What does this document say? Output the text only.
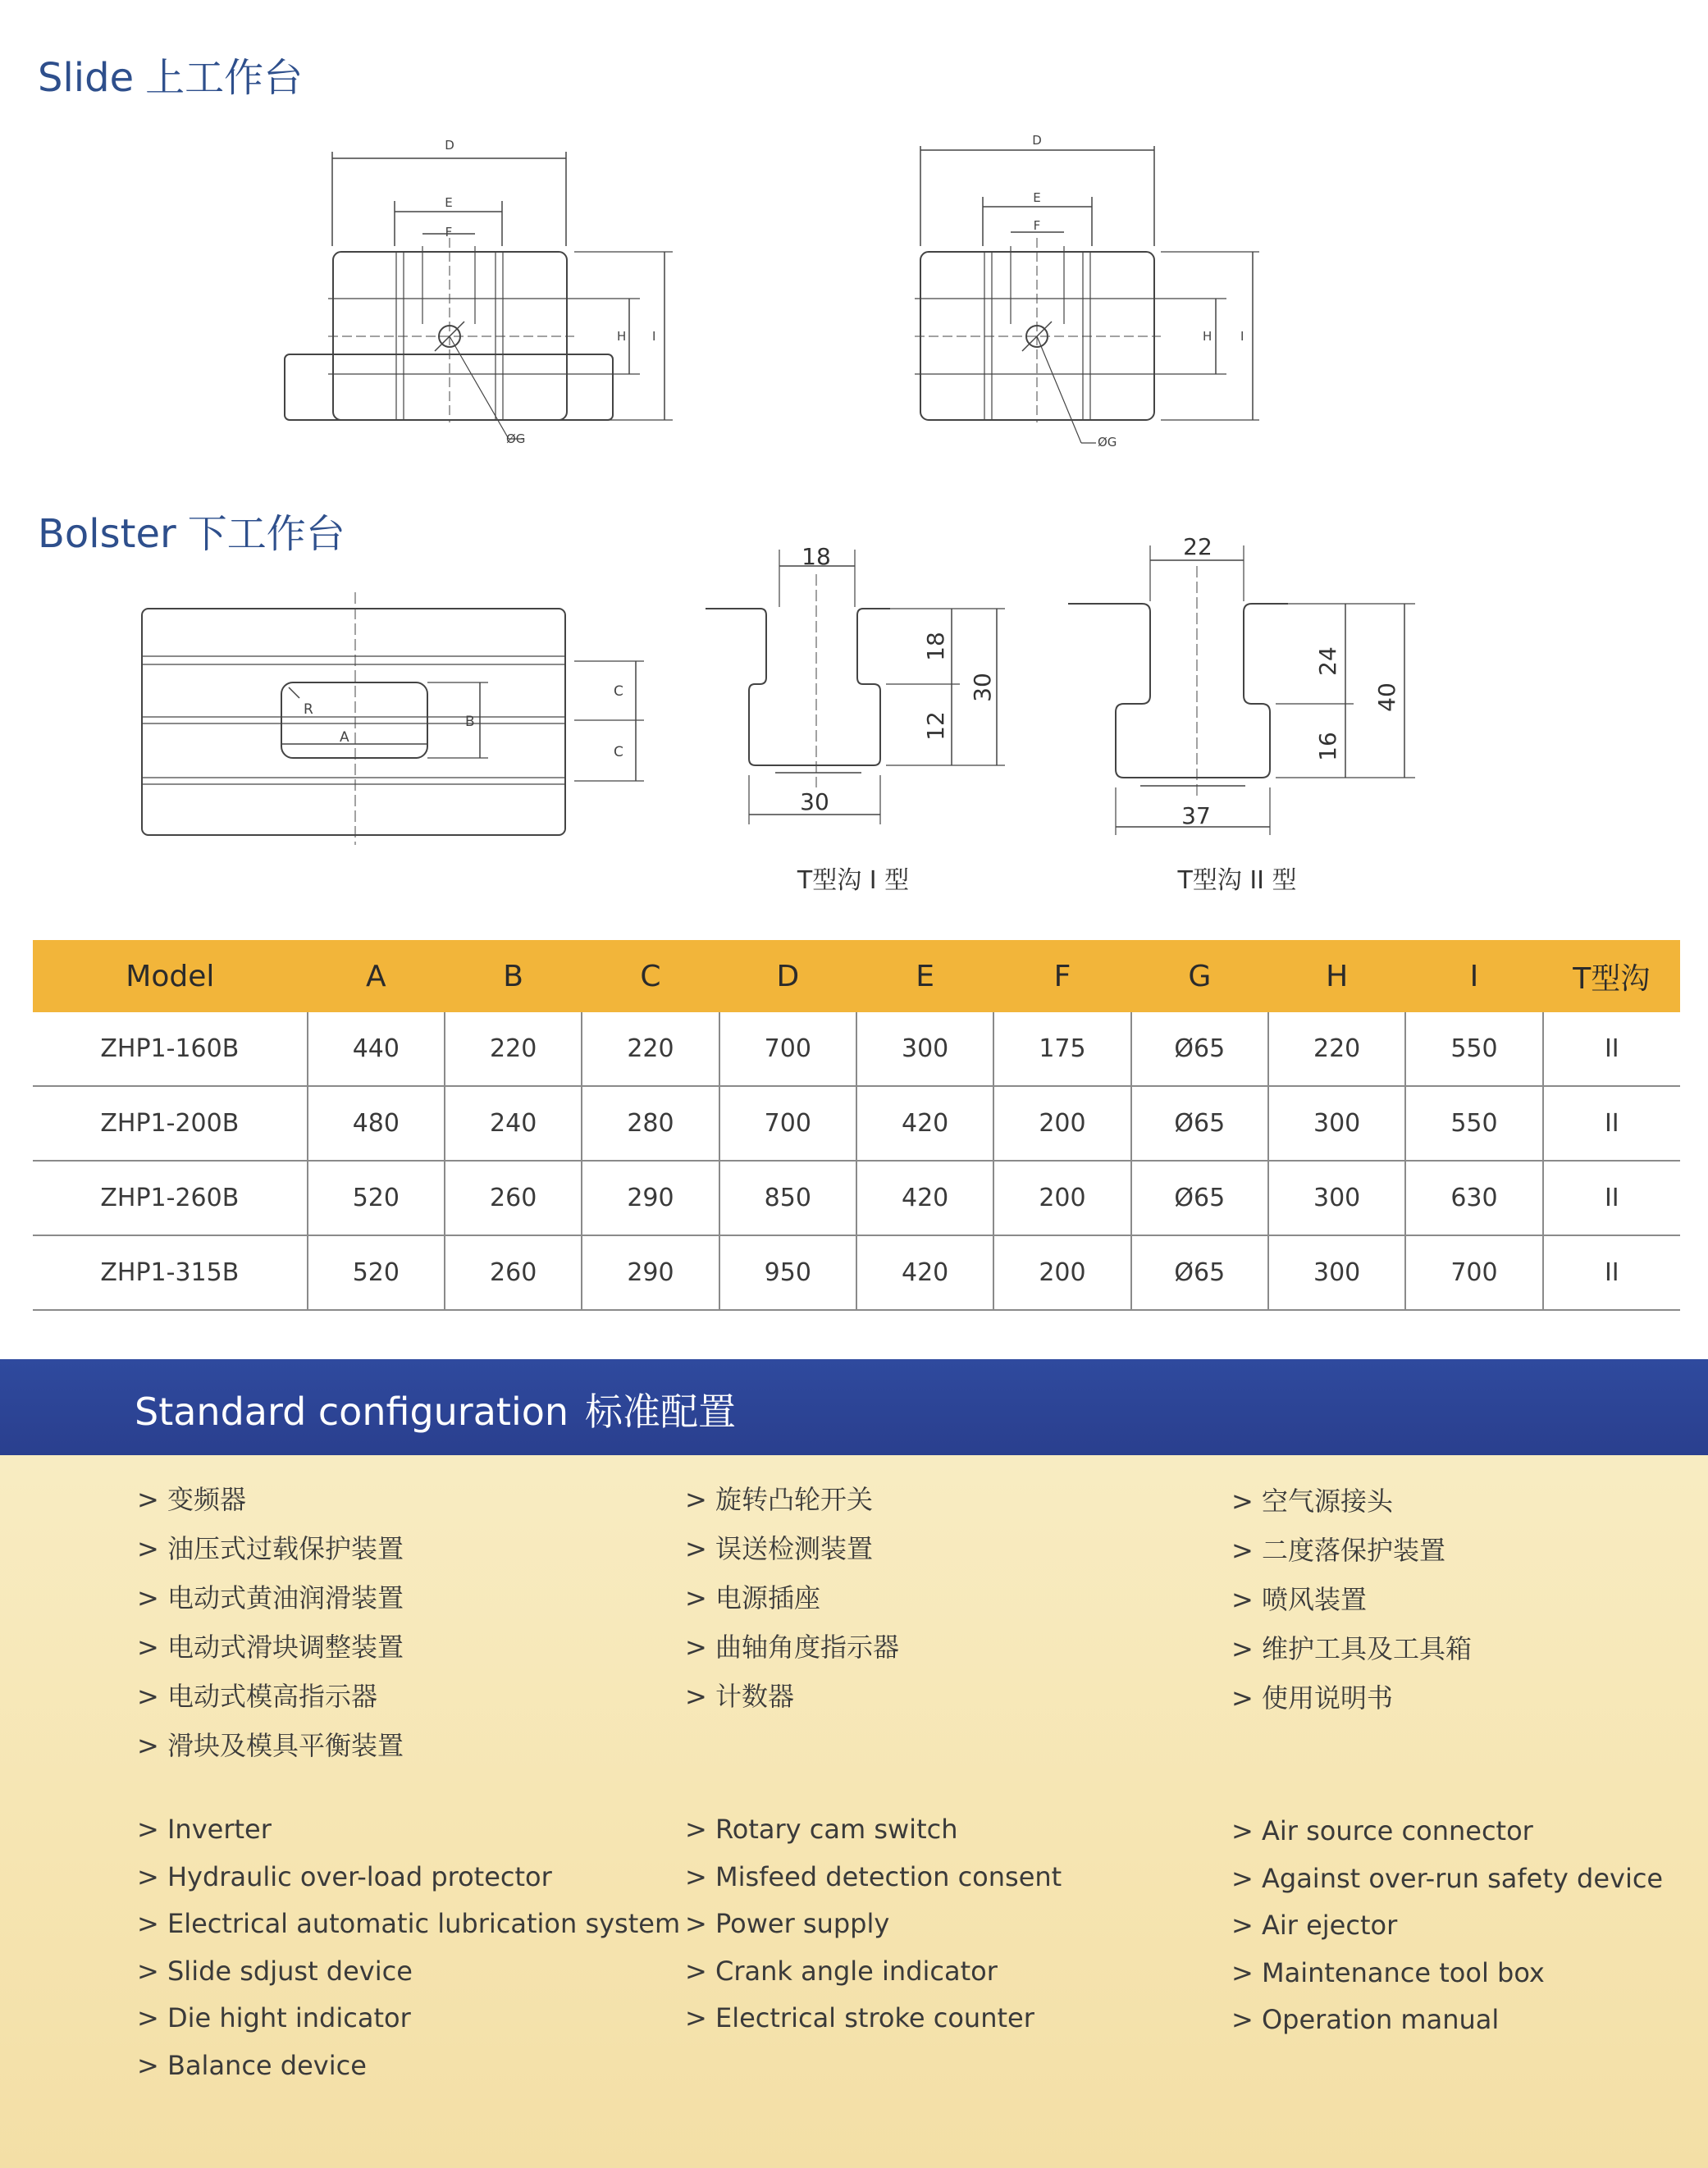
Slide 上工作台
Bolster 下工作台
D
E
F
ØG
H I
D
E
F
ØG
H I
R
A
B
C
C
18
30
18
12
30
T型沟 I 型
22
37
24
16
40
T型沟 II 型
Model	A	B	C	D	E	F	G	H	I	T型沟
ZHP1-160B	440	220	220	700	300	175	Ø65	220	550	II
ZHP1-200B	480	240	280	700	420	200	Ø65	300	550	II
ZHP1-260B	520	260	290	850	420	200	Ø65	300	630	II
ZHP1-315B	520	260	290	950	420	200	Ø65	300	700	II
Standard configuration 标准配置
> 变频器
> 油压式过载保护装置
> 电动式黄油润滑装置
> 电动式滑块调整装置
> 电动式模高指示器
> 滑块及模具平衡装置
> 旋转凸轮开关
> 误送检测装置
> 电源插座
> 曲轴角度指示器
> 计数器
> 空气源接头
> 二度落保护装置
> 喷风装置
> 维护工具及工具箱
> 使用说明书
> Inverter
> Hydraulic over-load protector
> Electrical automatic lubrication system
> Slide sdjust device
> Die hight indicator
> Balance device
> Rotary cam switch
> Misfeed detection consent
> Power supply
> Crank angle indicator
> Electrical stroke counter
> Air source connector
> Against over-run safety device
> Air ejector
> Maintenance tool box
> Operation manual
